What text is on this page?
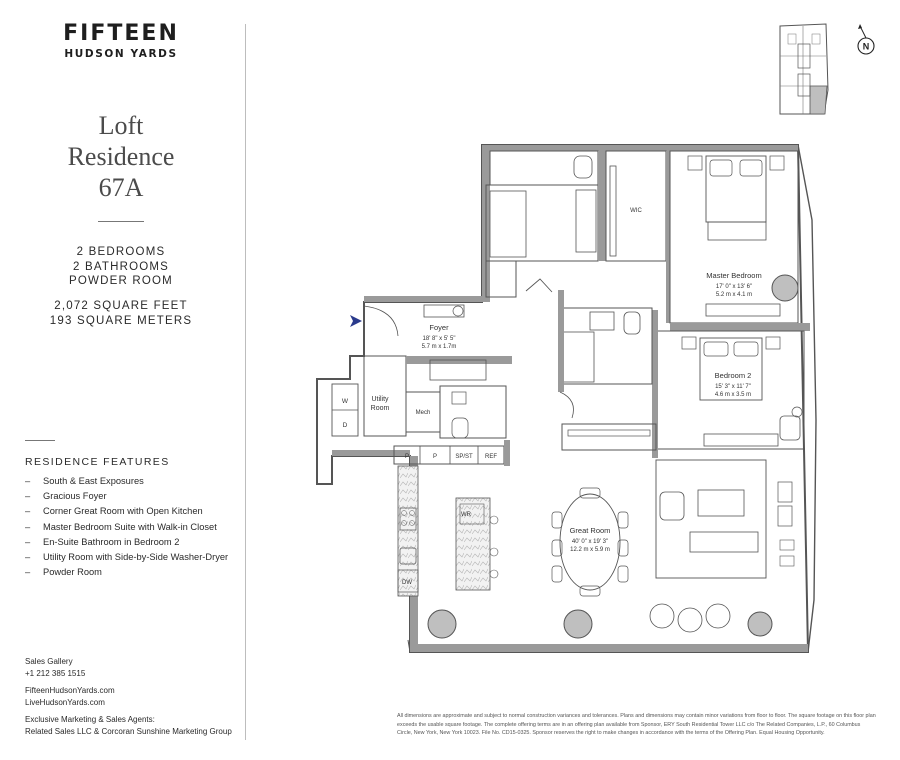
FIFTEEN
HUDSON YARDS
Loft
Residence
67A
2 BEDROOMS
2 BATHROOMS
POWDER ROOM
2,072 SQUARE FEET
193 SQUARE METERS
RESIDENCE FEATURES
– South & East Exposures
– Gracious Foyer
– Corner Great Room with Open Kitchen
– Master Bedroom Suite with Walk-in Closet
– En-Suite Bathroom in Bedroom 2
– Utility Room with Side-by-Side Washer-Dryer
– Powder Room
Sales Gallery
+1 212 385 1515
FifteenHudsonYards.com
LiveHudsonYards.com
Exclusive Marketing & Sales Agents:
Related Sales LLC & Corcoran Sunshine Marketing Group
N
Master Bedroom
17' 0" x 13' 6"
5.2 m x 4.1 m
Bedroom 2
15' 3" x 11' 7"
4.6 m x 3.5 m
Foyer
18' 8" x 5' 5"
5.7 m x 1.7m
Utility
Room
Great Room
40' 0" x 19' 3"
12.2 m x 5.9 m
WIC
W
D
Mech
P	P	SP/ST REF
WR
DW
All dimensions are approximate and subject to normal construction variances and tolerances. Plans and dimensions may contain minor variations from floor to floor. The square footage on this floor plan exceeds the usable square footage. The complete offering terms are in an offering plan available from Sponsor, ERY South Residential Tower LLC c/o The Related Companies, L.P., 60 Columbus Circle, New York, New York 10023. File No. CD15-0325. Sponsor reserves the right to make changes in accordance with the terms of the Offering Plan. Equal Housing Opportunity.
